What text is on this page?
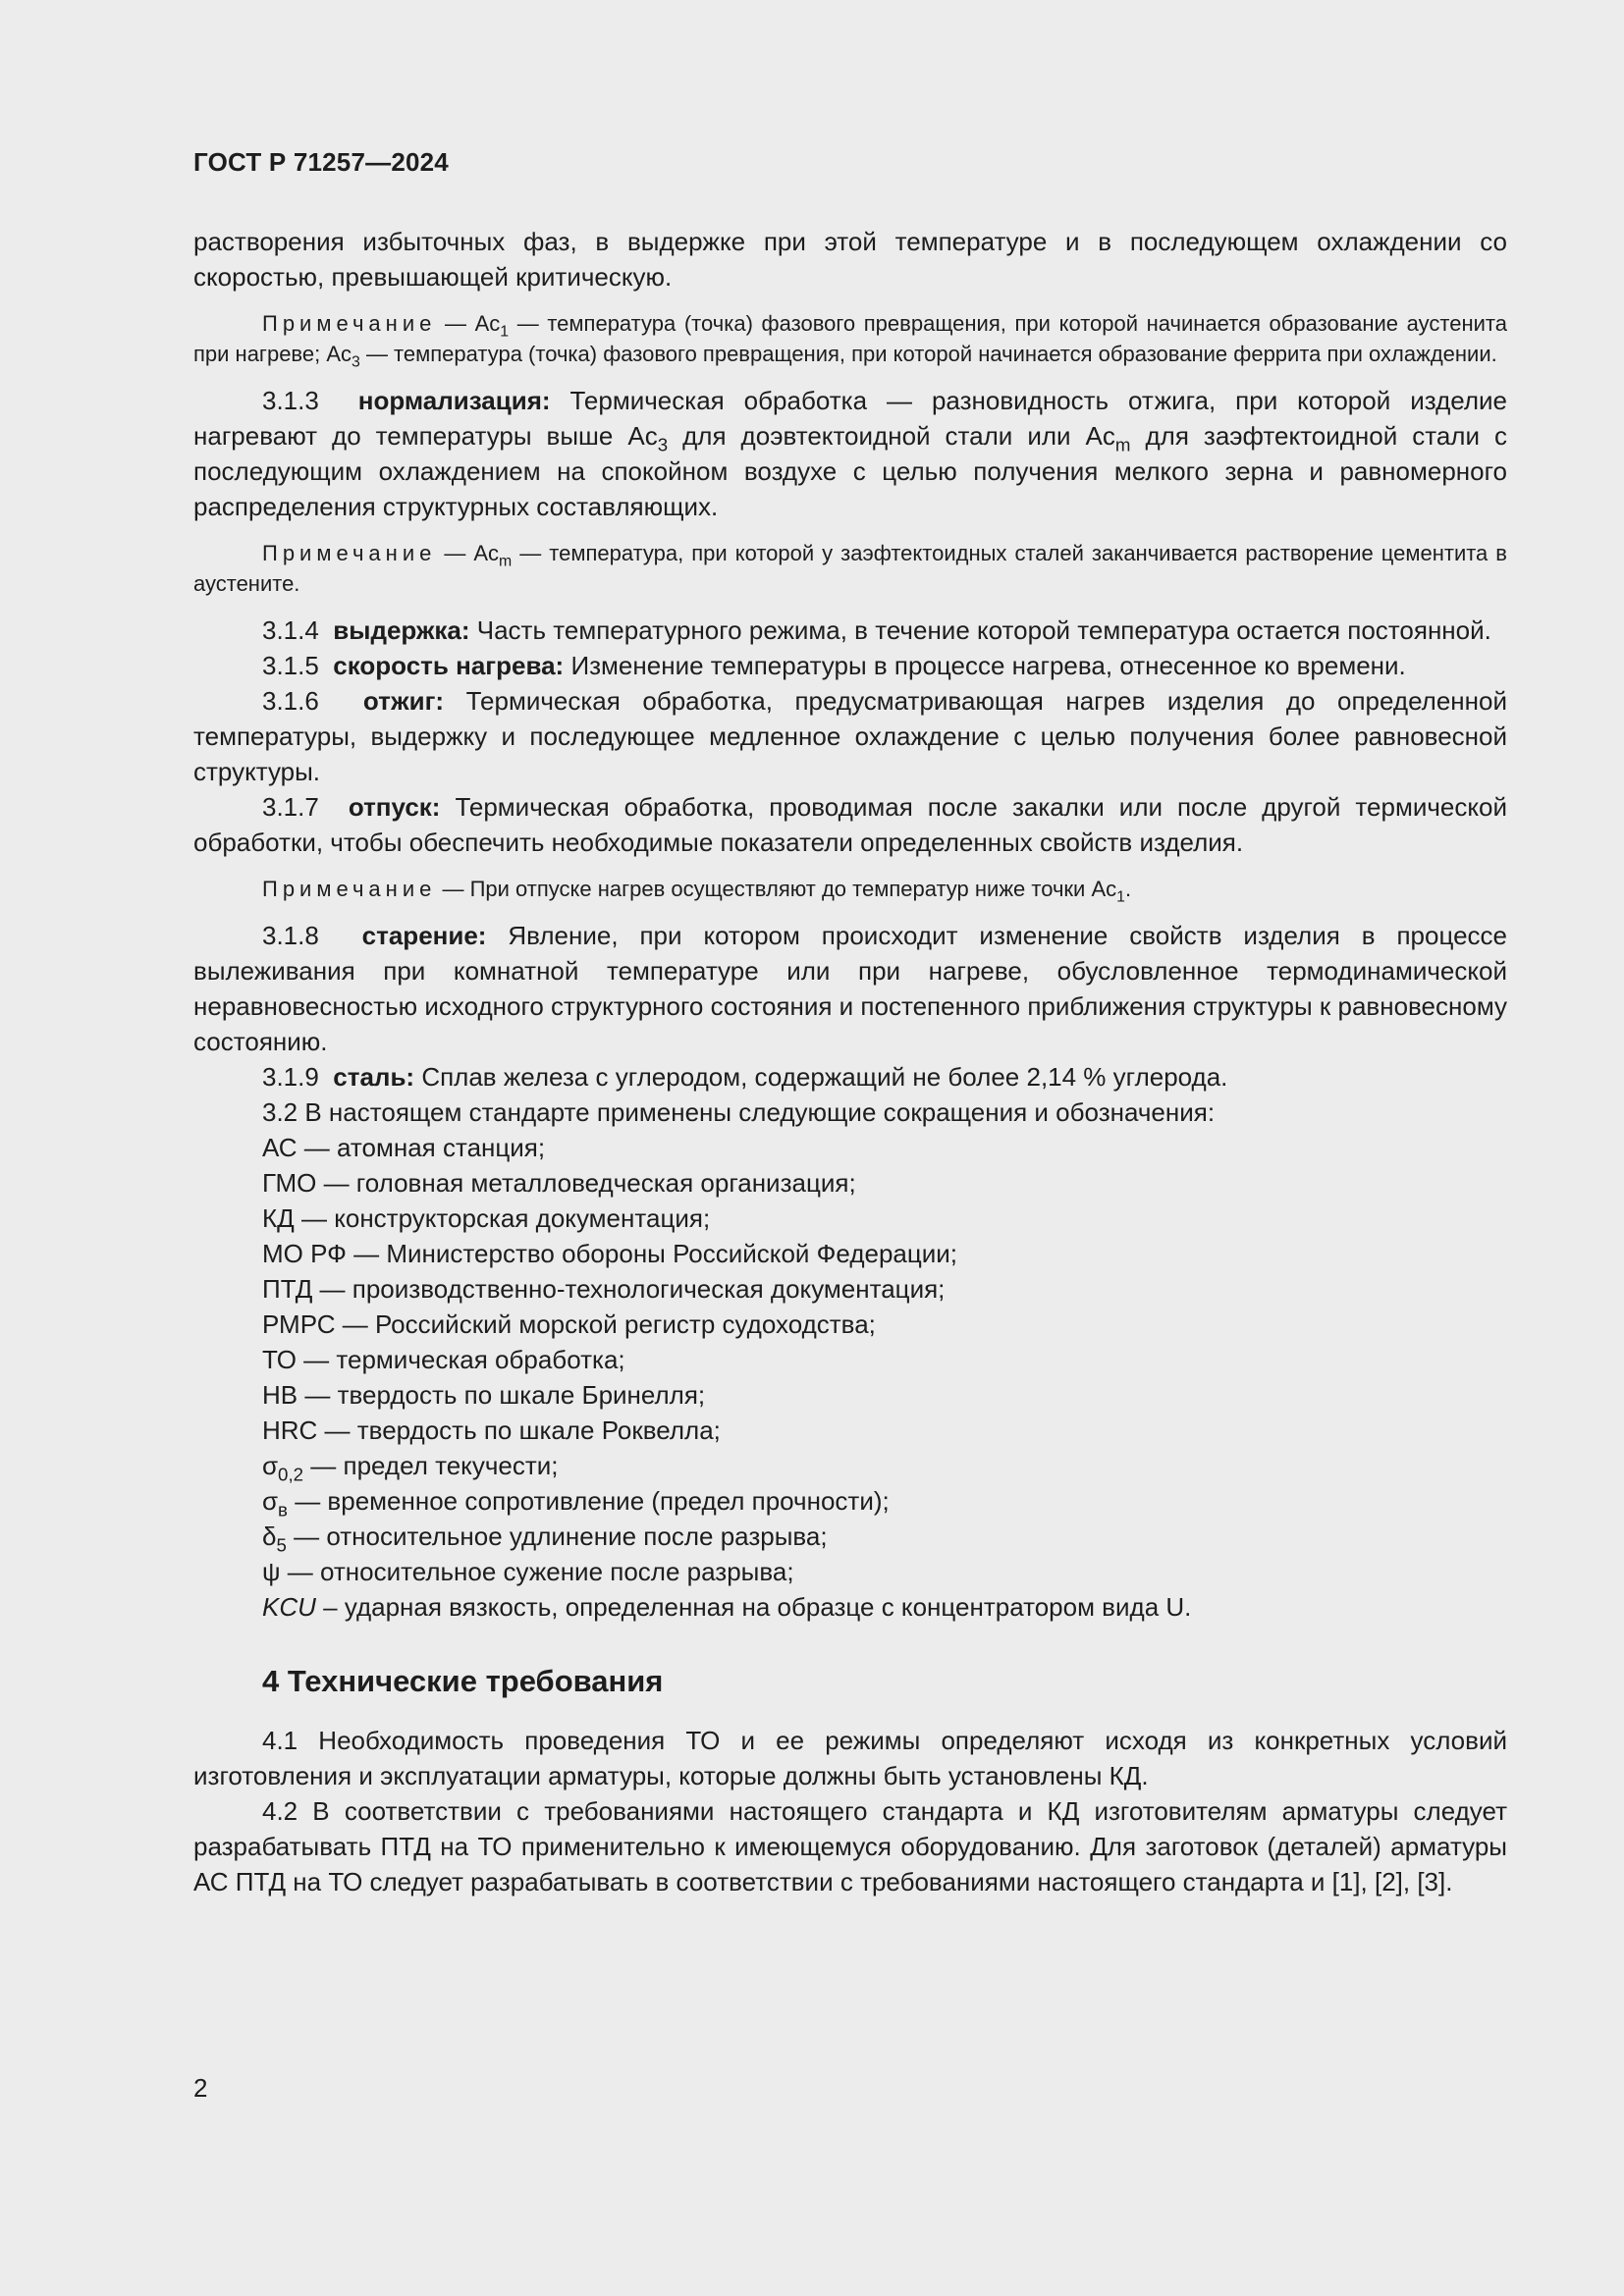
ГОСТ Р 71257—2024

растворения избыточных фаз, в выдержке при этой температуре и в последующем охлаждении со скоростью, превышающей критическую.

Примечание — $Ас_1$ — температура (точка) фазового превращения, при которой начинается образование аустенита при нагреве; $Ас_3$ — температура (точка) фазового превращения, при которой начинается образование феррита при охлаждении.

3.1.3 нормализация: Термическая обработка — разновидность отжига, при которой изделие нагревают до температуры выше $Ас_3$ для доэвтектоидной стали или $Ас_m$ для заэфтектоидной стали с последующим охлаждением на спокойном воздухе с целью получения мелкого зерна и равномерного распределения структурных составляющих.

Примечание — $Ас_m$ — температура, при которой у заэфтектоидных сталей заканчивается растворение цементита в аустените.

3.1.4 выдержка: Часть температурного режима, в течение которой температура остается постоянной.

3.1.5 скорость нагрева: Изменение температуры в процессе нагрева, отнесенное ко времени.

3.1.6 отжиг: Термическая обработка, предусматривающая нагрев изделия до определенной температуры, выдержку и последующее медленное охлаждение с целью получения более равновесной структуры.

3.1.7 отпуск: Термическая обработка, проводимая после закалки или после другой термической обработки, чтобы обеспечить необходимые показатели определенных свойств изделия.

Примечание — При отпуске нагрев осуществляют до температур ниже точки $Ас_1$.

3.1.8 старение: Явление, при котором происходит изменение свойств изделия в процессе вылеживания при комнатной температуре или при нагреве, обусловленное термодинамической неравновесностью исходного структурного состояния и постепенного приближения структуры к равновесному состоянию.

3.1.9 сталь: Сплав железа с углеродом, содержащий не более 2,14 % углерода.

3.2 В настоящем стандарте применены следующие сокращения и обозначения:

АС — атомная станция;
ГМО — головная металловедческая организация;
КД — конструкторская документация;
МО РФ — Министерство обороны Российской Федерации;
ПТД — производственно-технологическая документация;
РМРС — Российский морской регистр судоходства;
ТО — термическая обработка;
НВ — твердость по шкале Бринелля;
HRC — твердость по шкале Роквелла;
$\sigma_{0,2}$ — предел текучести;
$\sigma_в$ — временное сопротивление (предел прочности);
$\delta_5$ — относительное удлинение после разрыва;
ψ — относительное сужение после разрыва;
KCU – ударная вязкость, определенная на образце с концентратором вида U.
4 Технические требования

4.1 Необходимость проведения ТО и ее режимы определяют исходя из конкретных условий изготовления и эксплуатации арматуры, которые должны быть установлены КД.

4.2 В соответствии с требованиями настоящего стандарта и КД изготовителям арматуры следует разрабатывать ПТД на ТО применительно к имеющемуся оборудованию. Для заготовок (деталей) арматуры АС ПТД на ТО следует разрабатывать в соответствии с требованиями настоящего стандарта и [1], [2], [3].

2
